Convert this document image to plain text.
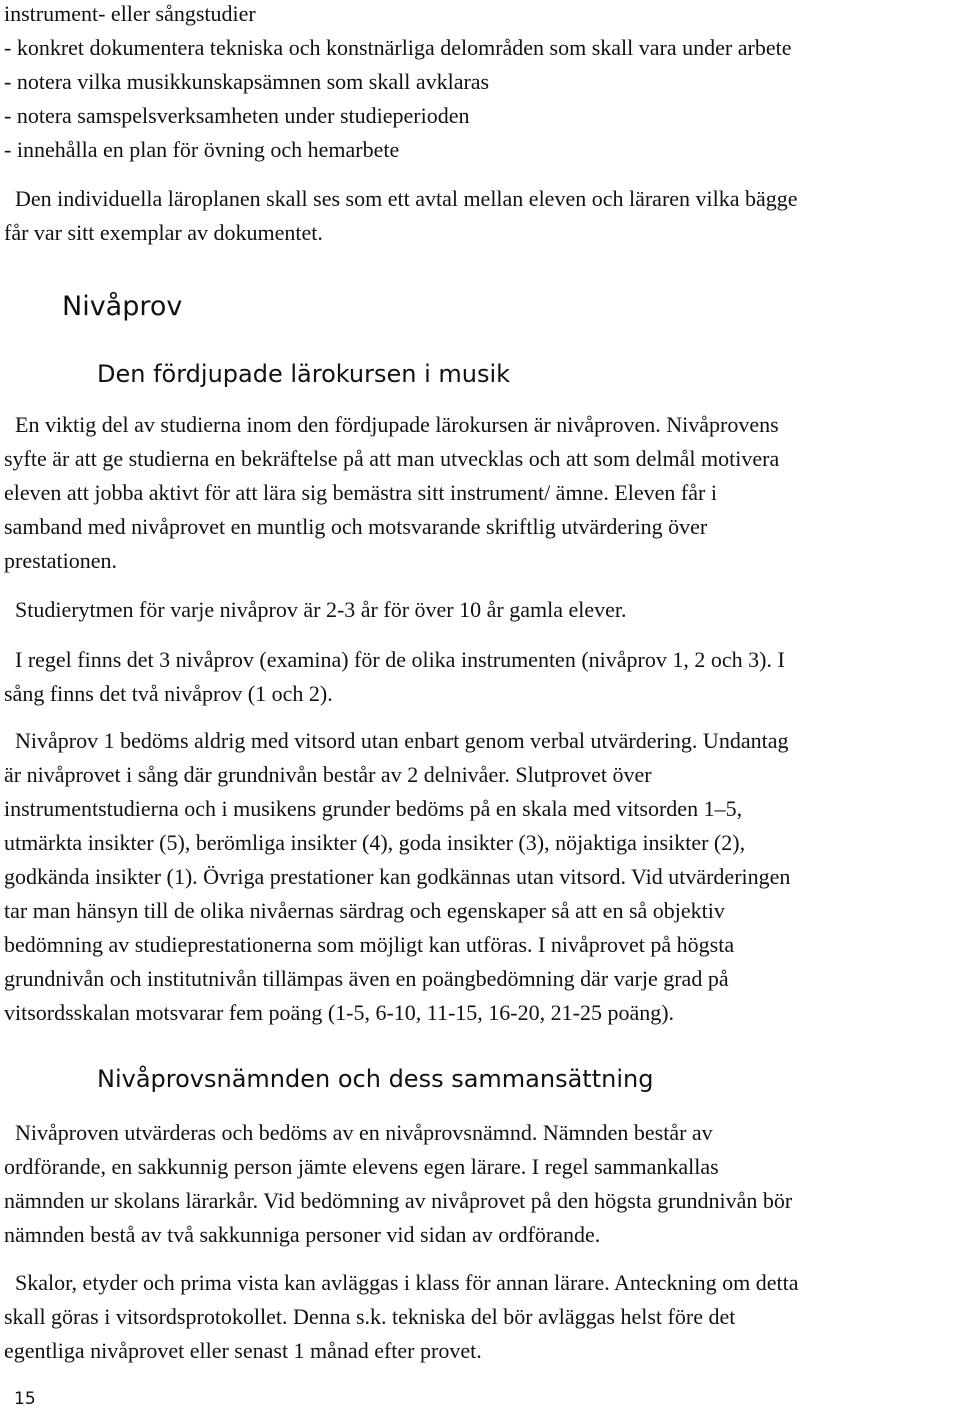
instrument- eller sångstudier
- konkret dokumentera tekniska och konstnärliga delområden som skall vara under arbete
- notera vilka musikkunskapsämnen som skall avklaras
- notera samspelsverksamheten under studieperioden
- innehålla en plan för övning och hemarbete
Den individuella läroplanen skall ses som ett avtal mellan eleven och läraren vilka bägge
får var sitt exemplar av dokumentet.
Nivåprov
Den fördjupade lärokursen i musik
En viktig del av studierna inom den fördjupade lärokursen är nivåproven. Nivåprovens
syfte är att ge studierna en bekräftelse på att man utvecklas och att som delmål motivera
eleven att jobba aktivt för att lära sig bemästra sitt instrument/ ämne. Eleven får i
samband med nivåprovet en muntlig och motsvarande skriftlig utvärdering över
prestationen.
Studierytmen för varje nivåprov är 2-3 år för över 10 år gamla elever.
I regel finns det 3 nivåprov (examina) för de olika instrumenten (nivåprov 1, 2 och 3). I
sång finns det två nivåprov (1 och 2).
Nivåprov 1 bedöms aldrig med vitsord utan enbart genom verbal utvärdering. Undantag
är nivåprovet i sång där grundnivån består av 2 delnivåer. Slutprovet över
instrumentstudierna och i musikens grunder bedöms på en skala med vitsorden 1–5,
utmärkta insikter (5), berömliga insikter (4), goda insikter (3), nöjaktiga insikter (2),
godkända insikter (1). Övriga prestationer kan godkännas utan vitsord. Vid utvärderingen
tar man hänsyn till de olika nivåernas särdrag och egenskaper så att en så objektiv
bedömning av studieprestationerna som möjligt kan utföras. I nivåprovet på högsta
grundnivån och institutnivån tillämpas även en poängbedömning där varje grad på
vitsordsskalan motsvarar fem poäng (1-5, 6-10, 11-15, 16-20, 21-25 poäng).
Nivåprovsnämnden och dess sammansättning
Nivåproven utvärderas och bedöms av en nivåprovsnämnd. Nämnden består av
ordförande, en sakkunnig person jämte elevens egen lärare. I regel sammankallas
nämnden ur skolans lärarkår. Vid bedömning av nivåprovet på den högsta grundnivån bör
nämnden bestå av två sakkunniga personer vid sidan av ordförande.
Skalor, etyder och prima vista kan avläggas i klass för annan lärare. Anteckning om detta
skall göras i vitsordsprotokollet. Denna s.k. tekniska del bör avläggas helst före det
egentliga nivåprovet eller senast 1 månad efter provet.
15
